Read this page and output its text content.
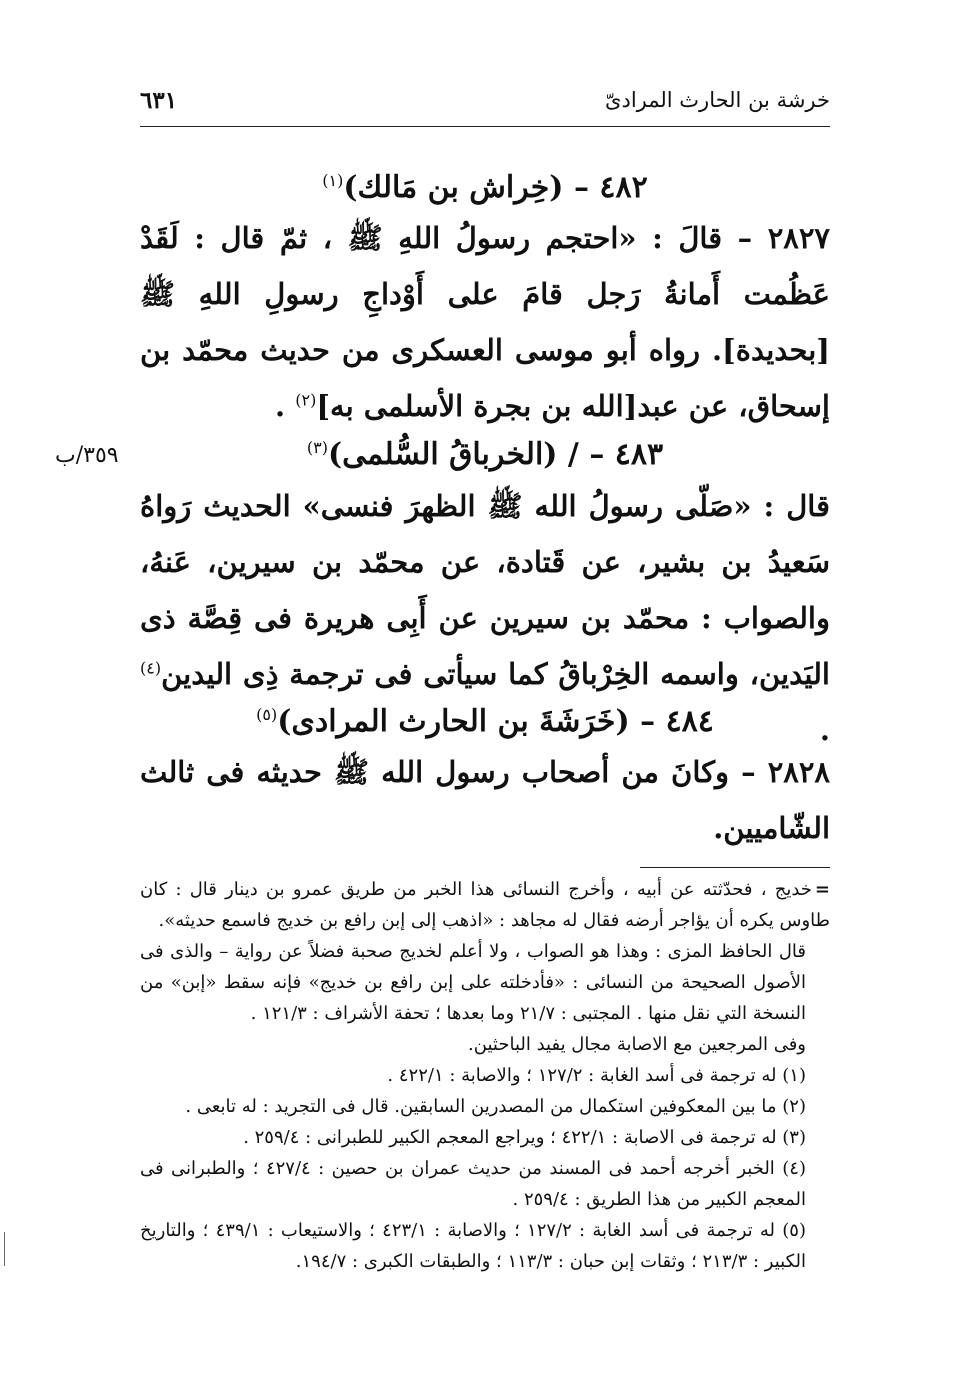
٦٣١	خرشة بن الحارث المرادىّ
٤٨٢ – (خِراش بن مَالك)$^{(١)}$
٢٨٢٧ – قالَ : «احتجم رسولُ اللهِ ﷺ ، ثمّ قال : لَقَدْ عَظُمت أَمانةُ رَجل قامَ على أَوْداجِ رسولِ اللهِ ﷺ [بحديدة]. رواه أبو موسى العسكرى من حديث محمّد بن إسحاق، عن عبد[الله بن بجرة الأسلمى به]$^{(٢)}$ .
٣٥٩/ب	٤٨٣ – / (الخرباقُ السُّلمى)$^{(٣)}$
قال : «صَلّى رسولُ الله ﷺ الظهرَ فنسى» الحديث رَواهُ سَعيدُ بن بشير، عن قَتادة، عن محمّد بن سيرين، عَنهُ، والصواب : محمّد بن سيرين عن أَبِى هريرة فى قِصَّة ذى اليَدين، واسمه الخِرْباقُ كما سيأتى فى ترجمة ذِى اليدين$^{(٤)}$ .
٤٨٤ – (خَرَشَةَ بن الحارث المرادى)$^{(٥)}$
٢٨٢٨ – وكانَ من أصحاب رسول الله ﷺ حديثه فى ثالث الشّاميين.

=خديج ، فحدّثته عن أبيه ، وأخرج النسائى هذا الخبر من طريق عمرو بن دينار قال : كان طاوس يكره أن يؤاجر أرضه فقال له مجاهد : «اذهب إلى إبن رافع بن خديج فاسمع حديثه».

قال الحافظ المزى : وهذا هو الصواب ، ولا أعلم لخديج صحبة فضلاً عن رواية – والذى فى الأصول الصحيحة من النسائى : «فأدخلته على إبن رافع بن خديج» فإنه سقط «إبن» من النسخة التي نقل منها . المجتبى : ٢١/٧ وما بعدها ؛ تحفة الأشراف : ١٢١/٣ .

وفى المرجعين مع الاصابة مجال يفيد الباحثين.

(١) له ترجمة فى أسد الغابة : ١٢٧/٢ ؛ والاصابة : ٤٢٢/١ .

(٢) ما بين المعكوفين استكمال من المصدرين السابقين. قال فى التجريد : له تابعى .

(٣) له ترجمة فى الاصابة : ٤٢٢/١ ؛ ويراجع المعجم الكبير للطبرانى : ٢٥٩/٤ .

(٤) الخبر أخرجه أحمد فى المسند من حديث عمران بن حصين : ٤٢٧/٤ ؛ والطبرانى فى المعجم الكبير من هذا الطريق : ٢٥٩/٤ .

(٥) له ترجمة فى أسد الغابة : ١٢٧/٢ ؛ والاصابة : ٤٢٣/١ ؛ والاستيعاب : ٤٣٩/١ ؛ والتاريخ الكبير : ٢١٣/٣ ؛ وثقات إبن حبان : ١١٣/٣ ؛ والطبقات الكبرى : ١٩٤/٧.
